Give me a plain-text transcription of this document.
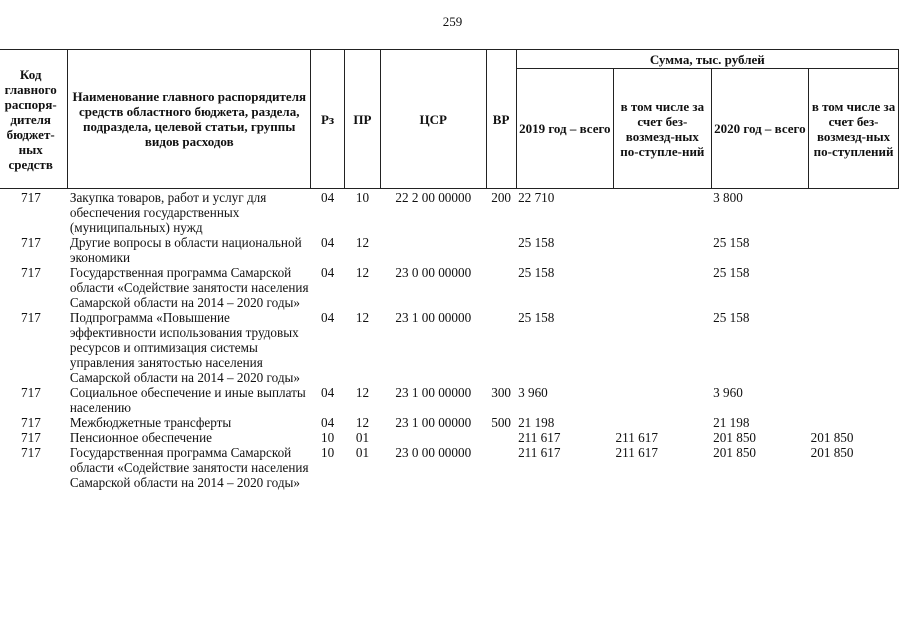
259
Код главного распоря-дителя бюджет-ных средств	Наименование главного распорядителя средств областного бюджета, раздела, подраздела, целевой статьи, группы видов расходов	Рз	ПР	ЦСР	ВР	Сумма, тыс. рублей			
						2019 год – всего	в том числе за счет без-возмезд-ных по-ступле-ний	2020 год – всего	в том числе за счет без-возмезд-ных по-ступлений
717	Закупка товаров, работ и услуг для обеспечения государственных (муниципальных) нужд	04	10	22 2 00 00000	200	22 710		3 800	
717	Другие вопросы в области национальной экономики	04	12			25 158		25 158	
717	Государственная программа Самарской области «Содействие занятости населения Самарской области на 2014 – 2020 годы»	04	12	23 0 00 00000		25 158		25 158	
717	Подпрограмма «Повышение эффективности использования трудовых ресурсов и оптимизация системы управления занятостью населения Самарской области на 2014 – 2020 годы»	04	12	23 1 00 00000		25 158		25 158	
717	Социальное обеспечение и иные выплаты населению	04	12	23 1 00 00000	300	3 960		3 960	
717	Межбюджетные трансферты	04	12	23 1 00 00000	500	21 198		21 198	
717	Пенсионное обеспечение	10	01			211 617	211 617	201 850	201 850
717	Государственная программа Самарской области «Содействие занятости населения Самарской области на 2014 – 2020 годы»	10	01	23 0 00 00000		211 617	211 617	201 850	201 850
